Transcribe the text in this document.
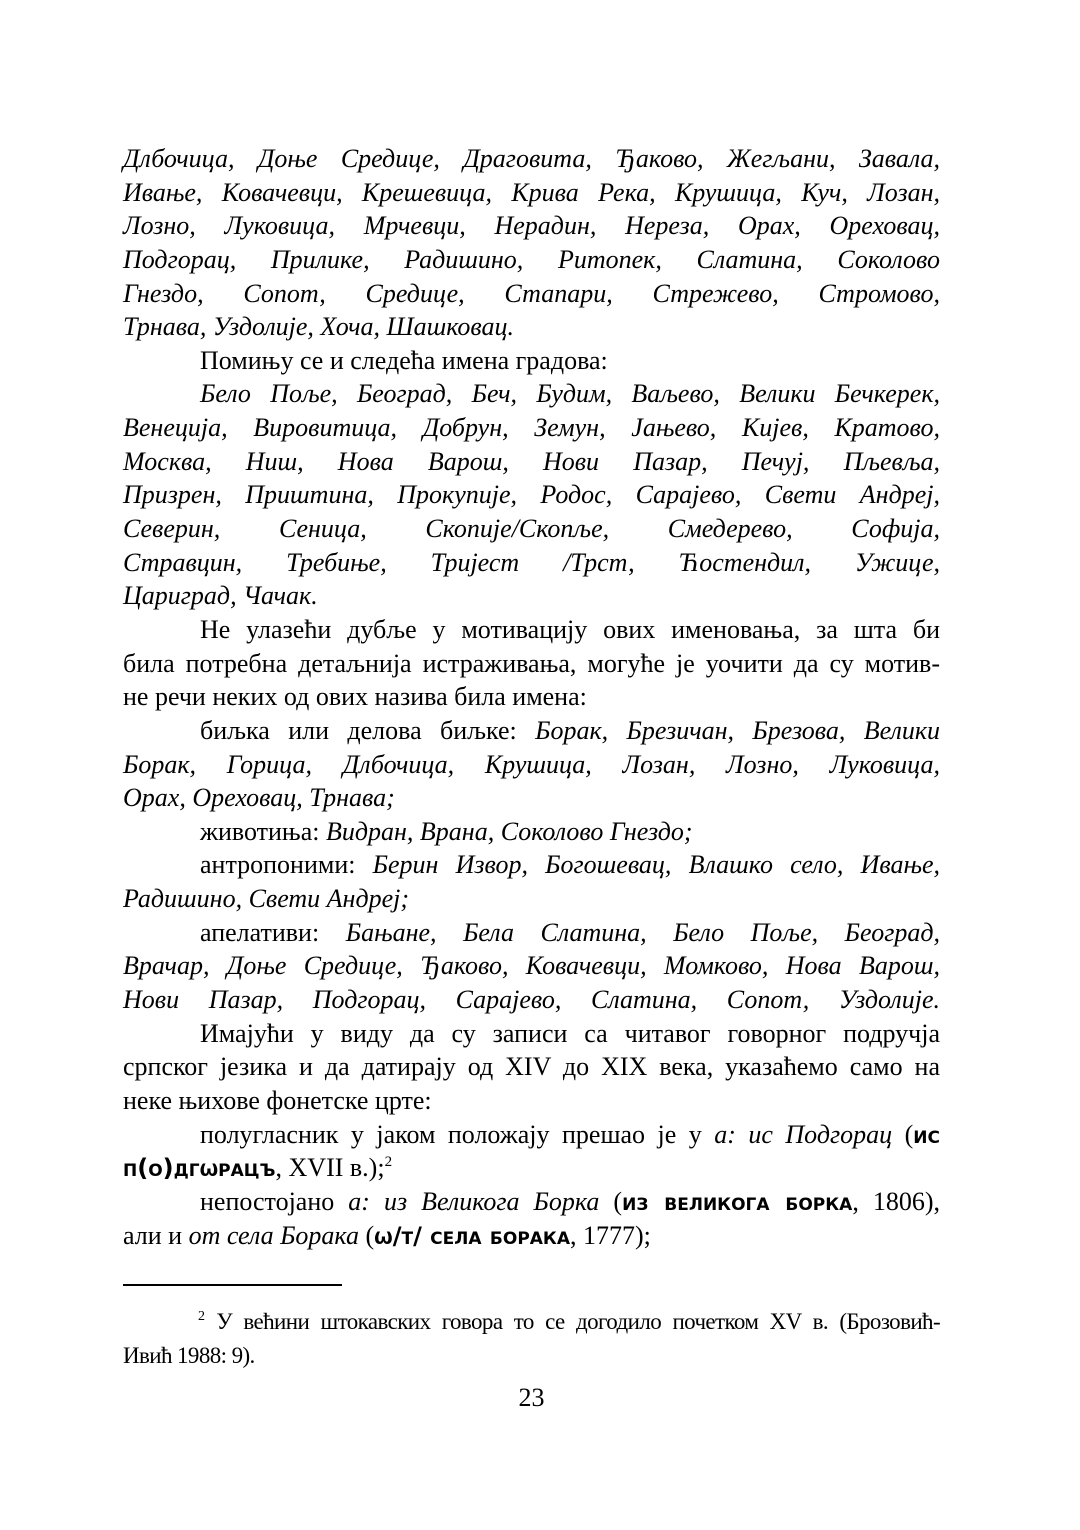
Длбочица, Доње Средице, Драговита, Ђаково, Жегљани, Завала,
Ивање, Ковачевци, Крешевица, Крива Река, Крушица, Куч, Лозан,
Лозно, Луковица, Мрчевци, Нерадин, Нереза, Орах, Ореховац,
Подгорац, Прилике, Радишино, Ритопек, Слатина, Соколово
Гнездо, Сопот, Средице, Стапари, Стрежево, Стромово,
Трнава, Уздолије, Хоча, Шашковац.
Помињу се и следећа имена градова:
Бело Поље, Београд, Беч, Будим, Ваљево, Велики Бечкерек,
Венеција, Вировитица, Добрун, Земун, Јањево, Кијев, Кратово,
Москва, Ниш, Нова Варош, Нови Пазар, Печуј, Пљевља,
Призрен, Приштина, Прокупије, Родос, Сарајево, Свети Андреј,
Северин, Сеница, Скопије/Скопље, Смедерево, Софија,
Стравцин, Требиње, Тријест /Трст, Ћостендил, Ужице,
Цариград, Чачак.
Не улазећи дубље у мотивацију ових именовања, за шта би
била потребна детаљнија истраживања, могуће је уочити да су мотив-
не речи неких од ових назива била имена:
биљка или делова биљке: Борак, Брезичан, Брезова, Велики
Борак, Горица, Длбочица, Крушица, Лозан, Лозно, Луковица,
Орах, Ореховац, Трнава;
животиња: Видран, Врана, Соколово Гнездо;
антропоними: Берин Извор, Богошевац, Влашко село, Ивање,
Радишино, Свети Андреј;
апелативи: Бањане, Бела Слатина, Бело Поље, Београд,
Врачар, Доње Средице, Ђаково, Ковачевци, Момково, Нова Варош,
Нови Пазар, Подгорац, Сарајево, Слатина, Сопот, Уздолије.
Имајући у виду да су записи са читавог говорног подручја
српског језика и да датирају од XIV до XIX века, указаћемо само на
неке њихове фонетске црте:
полугласник у јаком положају прешао је у а: ис Подгорац (ис
п(о)дгѡрацъ, XVII в.);$^2$
непостојано а: из Великога Борка (из великога борка, 1806),
али и от села Борака (ѡ/т/ села борака, 1777);
$^2$ У већини штокавских говора то се догодило почетком XV в. (Брозовић-
Ивић 1988: 9).
23
